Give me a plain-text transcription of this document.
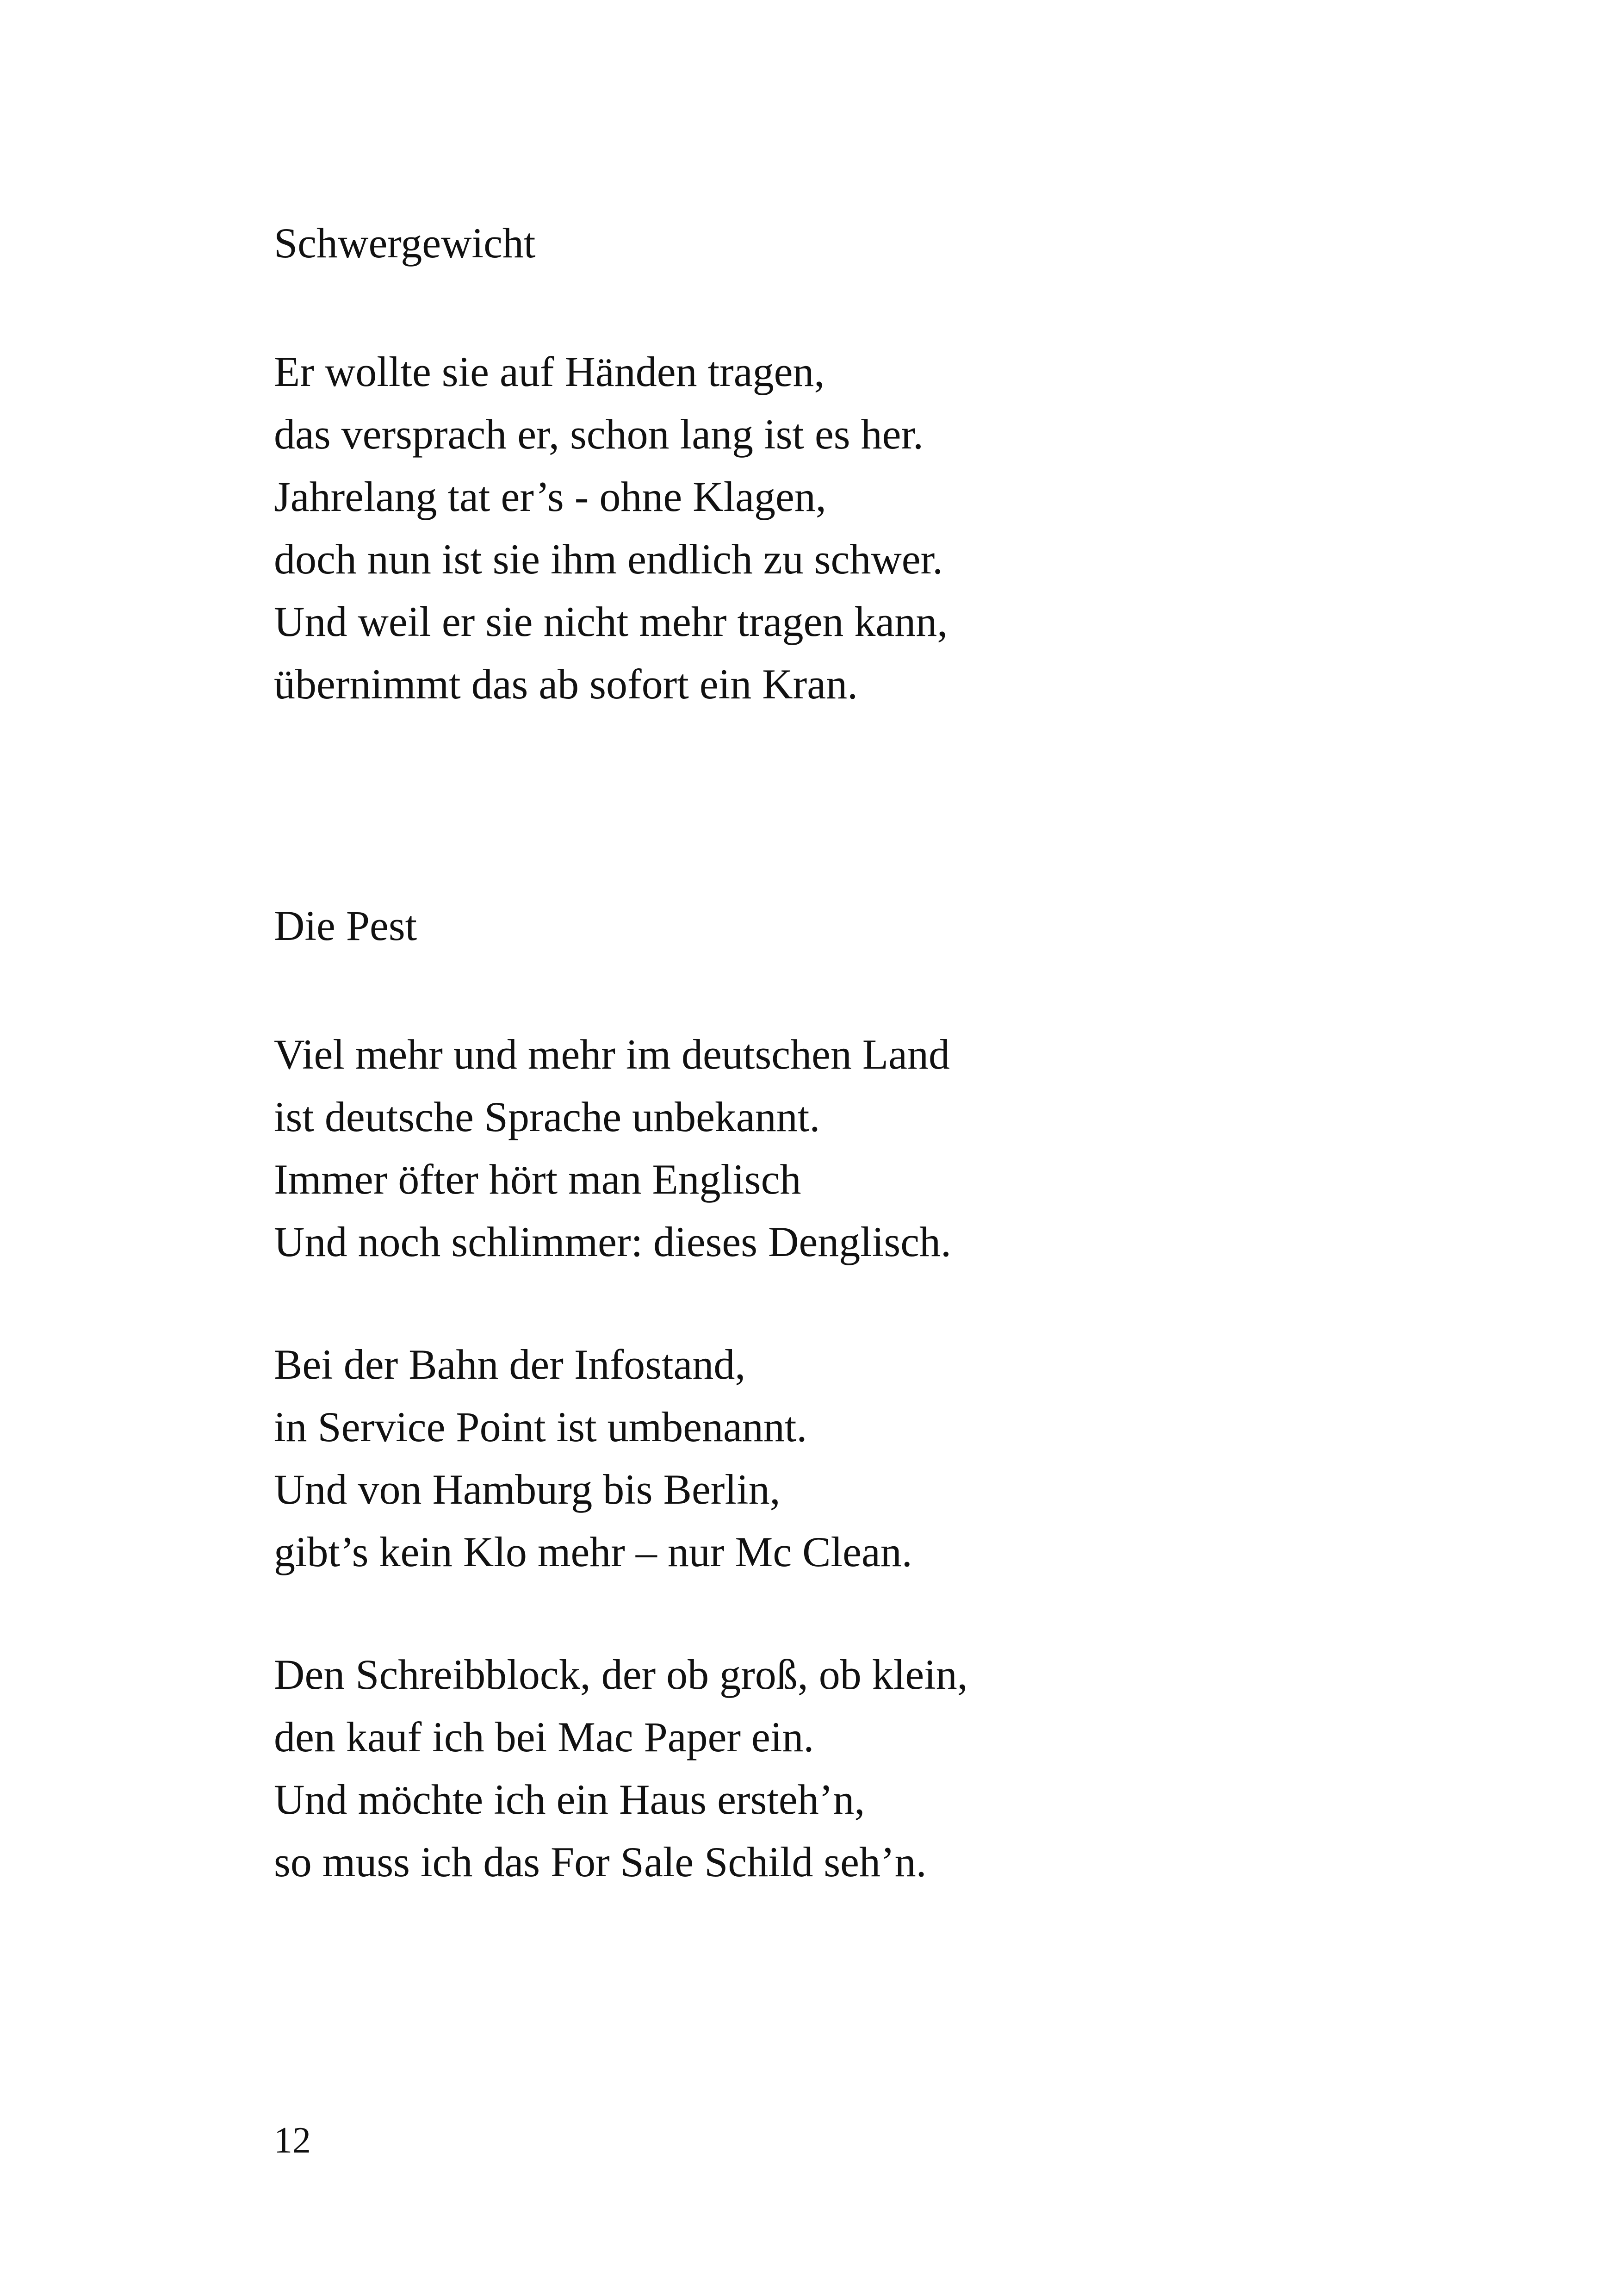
Schwergewicht
Er wollte sie auf Händen tragen,
das versprach er, schon lang ist es her.
Jahrelang tat er’s - ohne Klagen,
doch nun ist sie ihm endlich zu schwer.
Und weil er sie nicht mehr tragen kann,
übernimmt das ab sofort ein Kran.
Die Pest
Viel mehr und mehr im deutschen Land
ist deutsche Sprache unbekannt.
Immer öfter hört man Englisch
Und noch schlimmer: dieses Denglisch.
Bei der Bahn der Infostand,
in Service Point ist umbenannt.
Und von Hamburg bis Berlin,
gibt’s kein Klo mehr – nur Mc Clean.
Den Schreibblock, der ob groß, ob klein,
den kauf ich bei Mac Paper ein.
Und möchte ich ein Haus ersteh’n,
so muss ich das For Sale Schild seh’n.
12
